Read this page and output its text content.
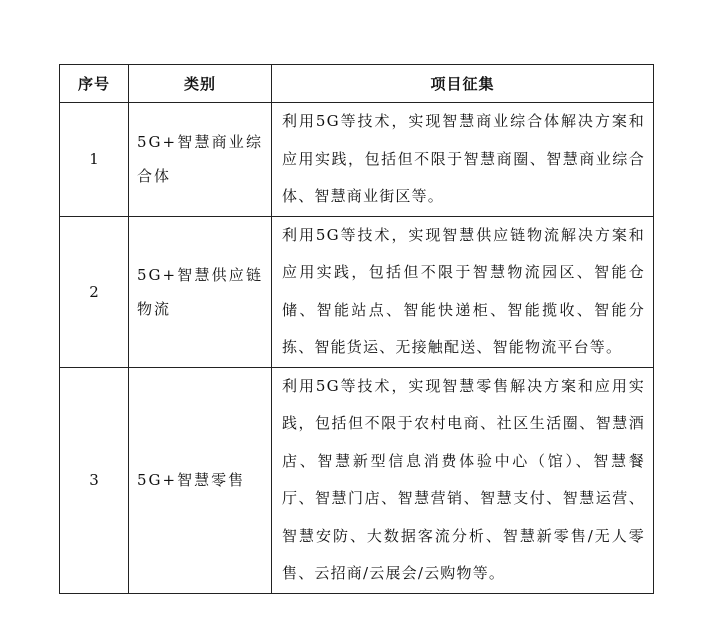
序号	类别	项目征集
1	5G+智慧商业综合体	利用5G等技术，实现智慧商业综合体解决方案和应用实践，包括但不限于智慧商圈、智慧商业综合体、智慧商业街区等。
2	5G+智慧供应链物流	利用5G等技术，实现智慧供应链物流解决方案和应用实践，包括但不限于智慧物流园区、智能仓储、智能站点、智能快递柜、智能揽收、智能分拣、智能货运、无接触配送、智能物流平台等。
3	5G+智慧零售	利用5G等技术，实现智慧零售解决方案和应用实践，包括但不限于农村电商、社区生活圈、智慧酒店、智慧新型信息消费体验中心（馆）、智慧餐厅、智慧门店、智慧营销、智慧支付、智慧运营、智慧安防、大数据客流分析、智慧新零售/无人零售、云招商/云展会/云购物等。
